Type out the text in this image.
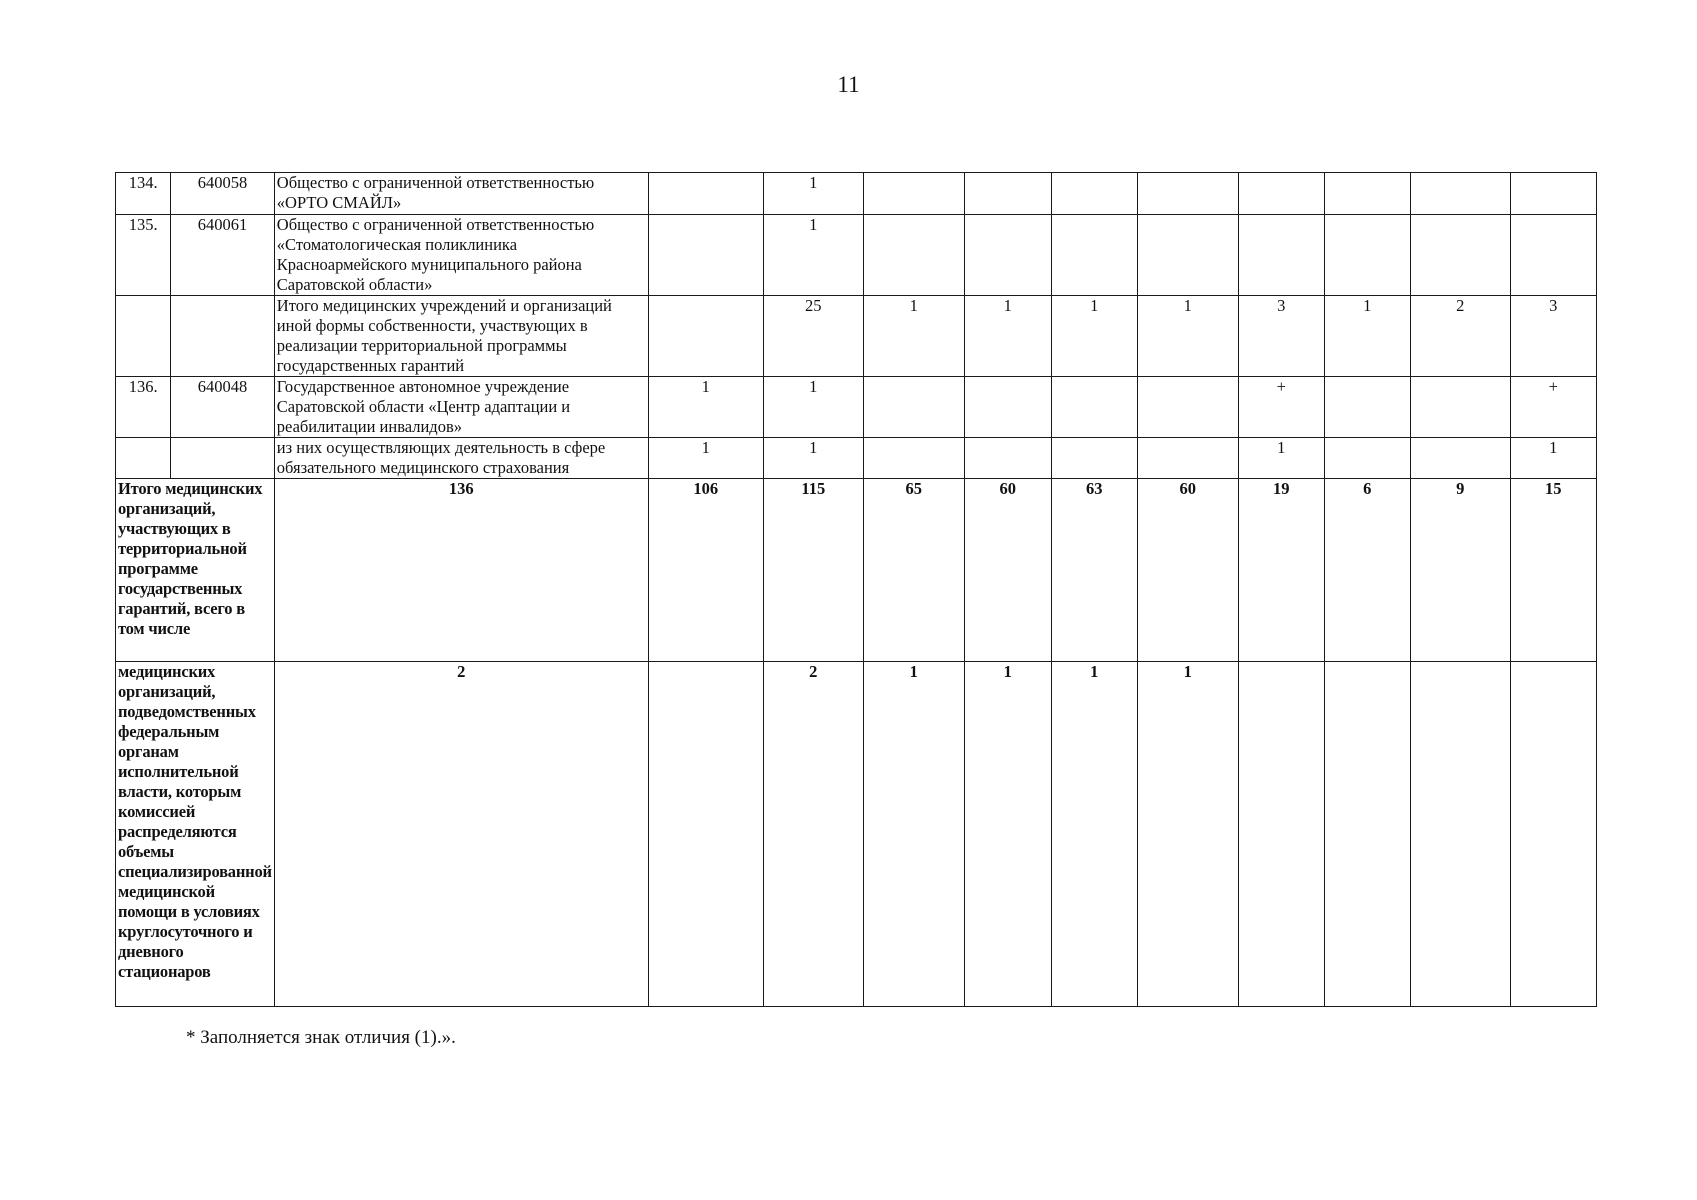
11
134.	640058	Общество с ограниченной ответственностью «ОРТО СМАЙЛ»		1								
135.	640061	Общество с ограниченной ответственностью «Стоматологическая поликлиника Красноармейского муниципального района Саратовской области»		1								
		Итого медицинских учреждений и организаций иной формы собственности, участвующих в реализации территориальной программы государственных гарантий		25	1	1	1	1	3	1	2	3
136.	640048	Государственное автономное учреждение Саратовской области «Центр адаптации и реабилитации инвалидов»	1	1					+			+
		из них осуществляющих деятельность в сфере обязательного медицинского страхования	1	1					1			1
Итого медицинских организаций, участвующих в территориальной программе государственных гарантий, всего в том числе		136	106	115	65	60	63	60	19	6	9	15
медицинских организаций, подведомственных федеральным органам исполнительной власти, которым комиссией распределяются объемы специализированной медицинской помощи в условиях круглосуточного и дневного стационаров		2		2	1	1	1	1				
* Заполняется знак отличия (1).».
